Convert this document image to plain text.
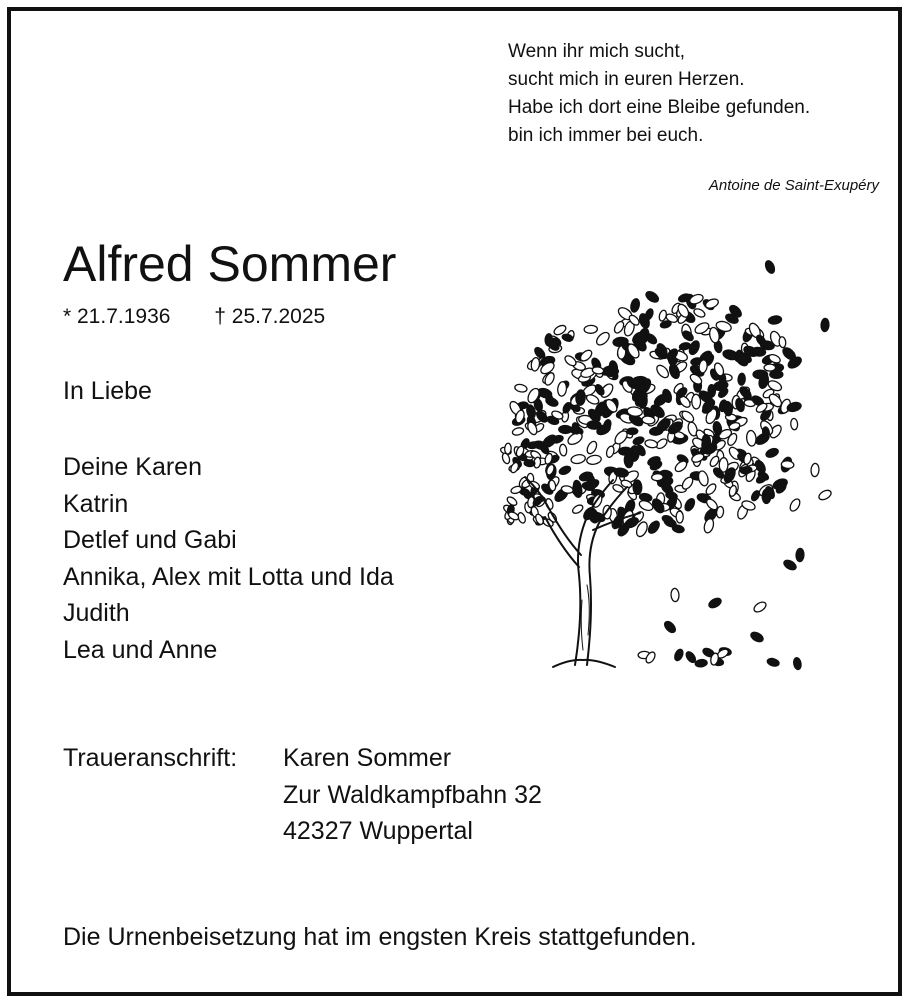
Wenn ihr mich sucht,
sucht mich in euren Herzen.
Habe ich dort eine Bleibe gefunden.
bin ich immer bei euch.
Antoine de Saint-Exupéry
Alfred Sommer
* 21.7.1936 † 25.7.2025
In Liebe
Deine Karen
Katrin
Detlef und Gabi
Annika, Alex mit Lotta und Ida
Judith
Lea und Anne
Traueranschrift:	Karen Sommer
Zur Waldkampfbahn 32
42327 Wuppertal
Die Urnenbeisetzung hat im engsten Kreis stattgefunden.
